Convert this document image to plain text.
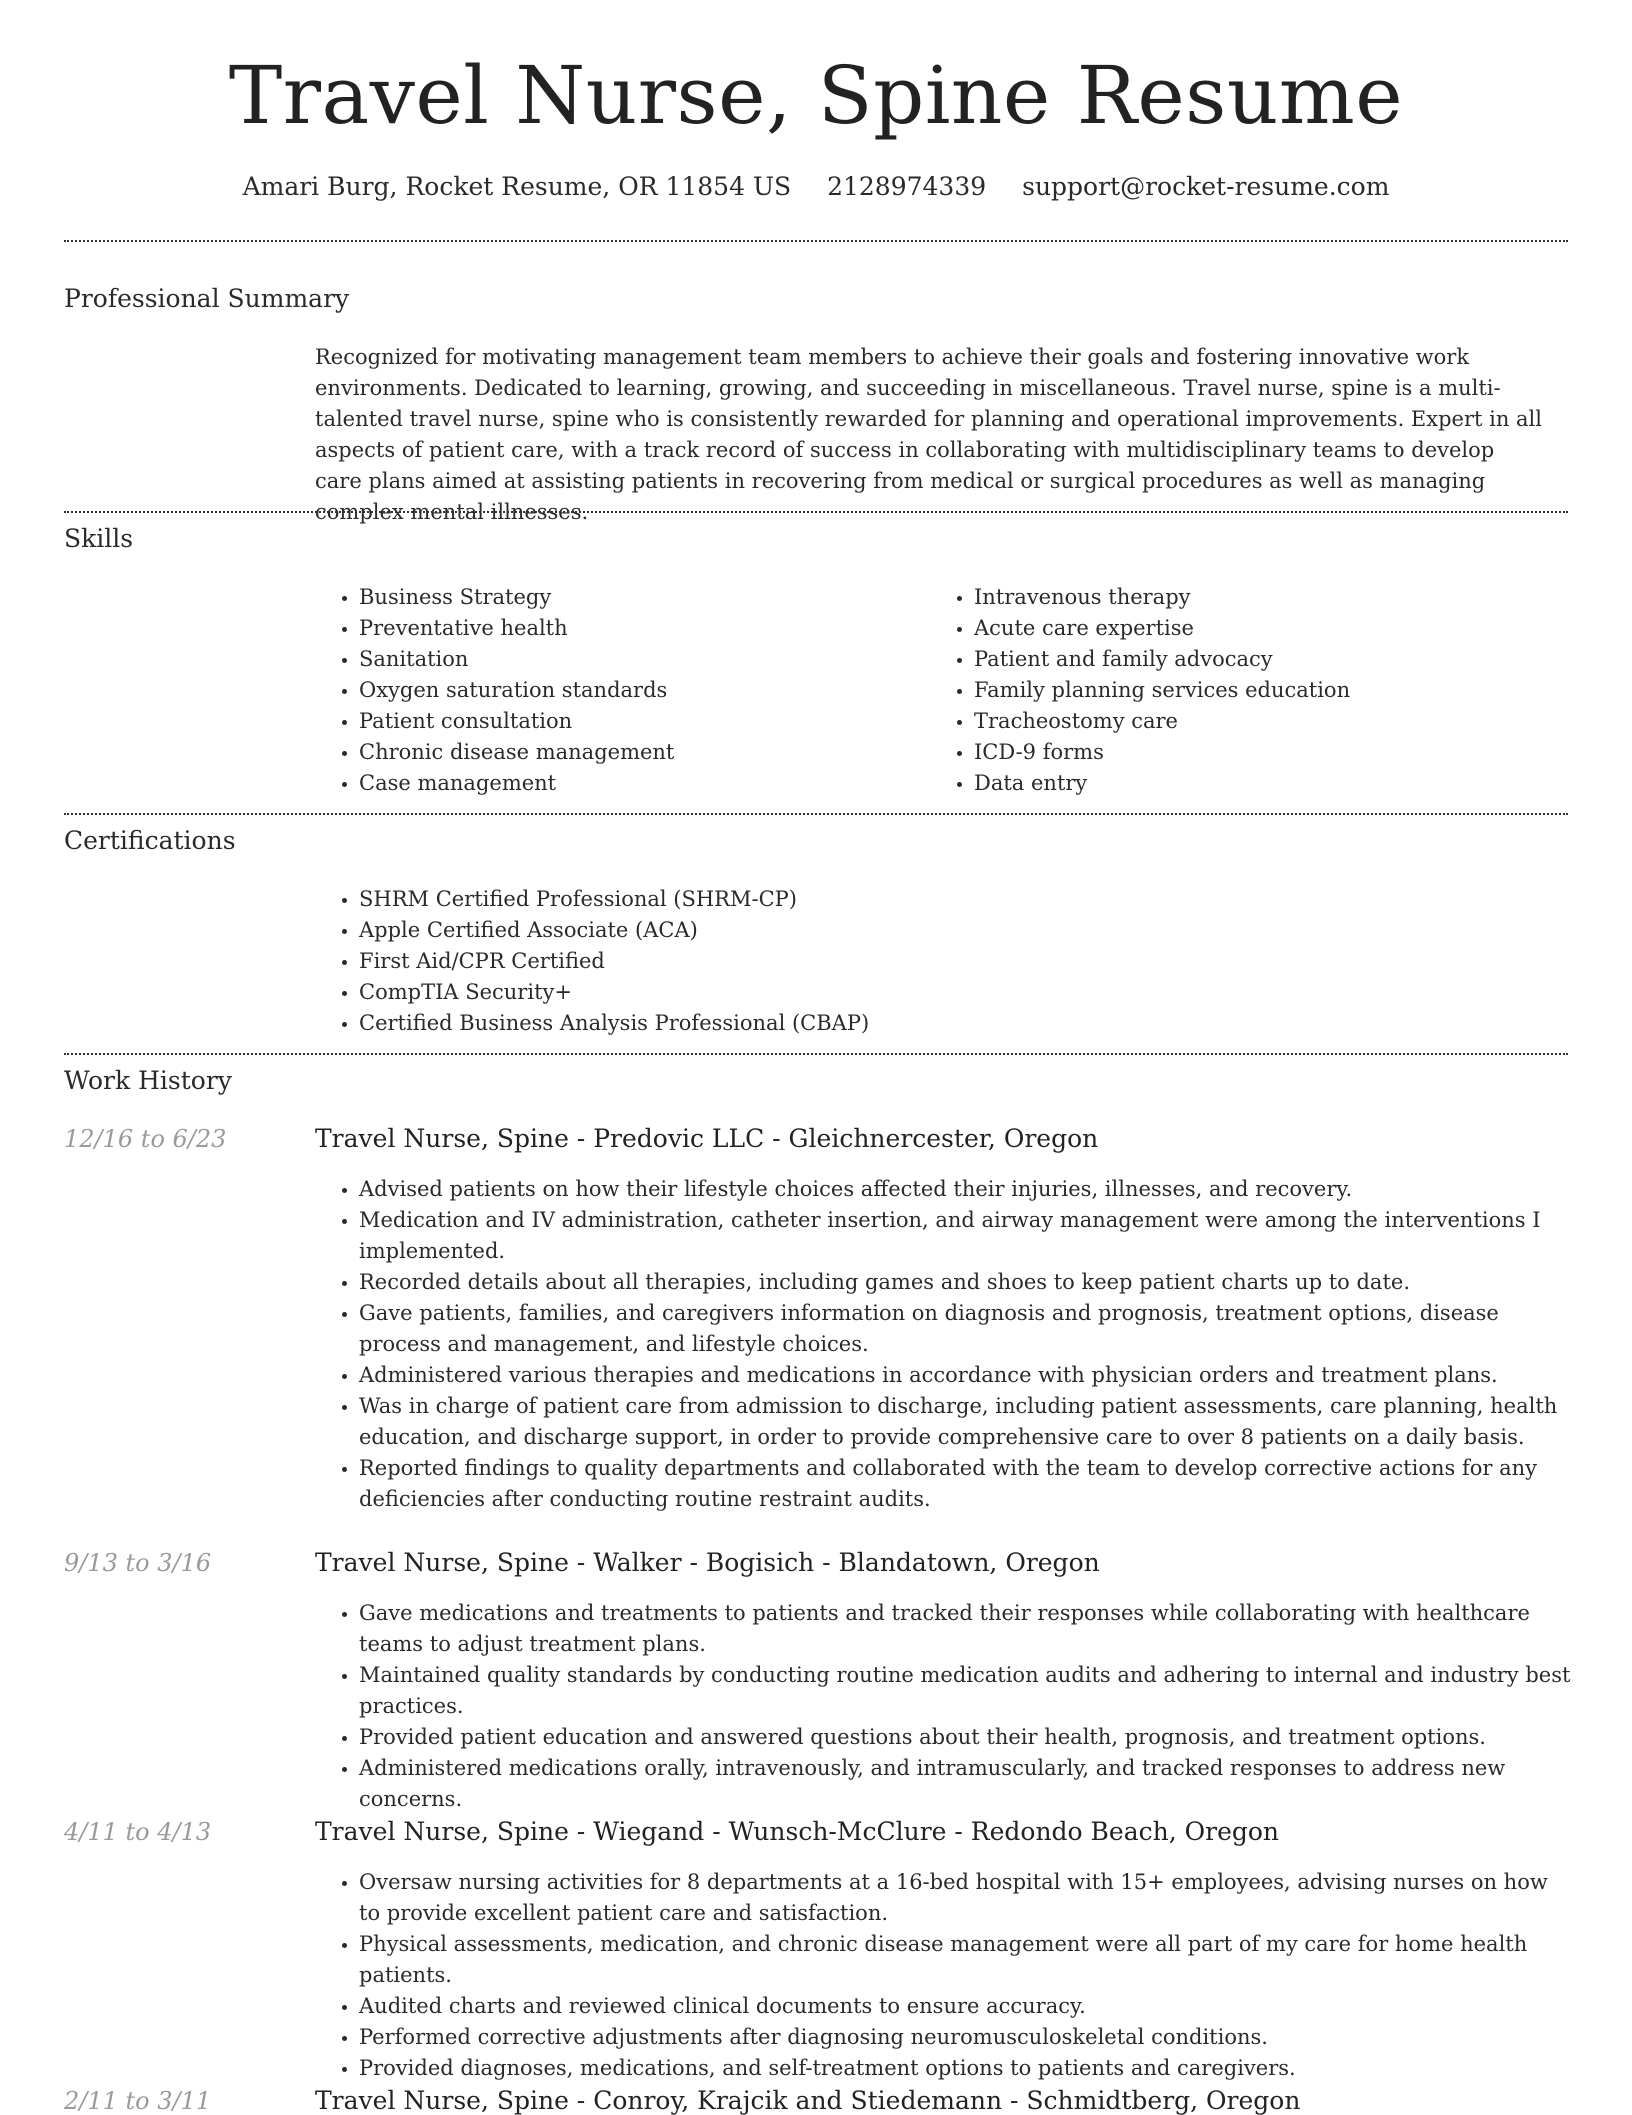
Travel Nurse, Spine Resume
Amari Burg, Rocket Resume, OR 11854 US 2128974339 support@rocket-resume.com
Professional Summary

Recognized for motivating management team members to achieve their goals and fostering innovative work environments. Dedicated to learning, growing, and succeeding in miscellaneous. Travel nurse, spine is a multi-talented travel nurse, spine who is consistently rewarded for planning and operational improvements. Expert in all aspects of patient care, with a track record of success in collaborating with multidisciplinary teams to develop care plans aimed at assisting patients in recovering from medical or surgical procedures as well as managing complex mental illnesses.

Skills
• Business Strategy
• Preventative health
• Sanitation
• Oxygen saturation standards
• Patient consultation
• Chronic disease management
• Case management
• Intravenous therapy
• Acute care expertise
• Patient and family advocacy
• Family planning services education
• Tracheostomy care
• ICD-9 forms
• Data entry
Certifications
• SHRM Certified Professional (SHRM-CP)
• Apple Certified Associate (ACA)
• First Aid/CPR Certified
• CompTIA Security+
• Certified Business Analysis Professional (CBAP)
Work History
12/16 to 6/23	Travel Nurse, Spine - Predovic LLC - Gleichnercester, Oregon
• Advised patients on how their lifestyle choices affected their injuries, illnesses, and recovery.
• Medication and IV administration, catheter insertion, and airway management were among the interventions I implemented.
• Recorded details about all therapies, including games and shoes to keep patient charts up to date.
• Gave patients, families, and caregivers information on diagnosis and prognosis, treatment options, disease process and management, and lifestyle choices.
• Administered various therapies and medications in accordance with physician orders and treatment plans.
• Was in charge of patient care from admission to discharge, including patient assessments, care planning, health education, and discharge support, in order to provide comprehensive care to over 8 patients on a daily basis.
• Reported findings to quality departments and collaborated with the team to develop corrective actions for any deficiencies after conducting routine restraint audits.
9/13 to 3/16	Travel Nurse, Spine - Walker - Bogisich - Blandatown, Oregon
• Gave medications and treatments to patients and tracked their responses while collaborating with healthcare teams to adjust treatment plans.
• Maintained quality standards by conducting routine medication audits and adhering to internal and industry best practices.
• Provided patient education and answered questions about their health, prognosis, and treatment options.
• Administered medications orally, intravenously, and intramuscularly, and tracked responses to address new concerns.
4/11 to 4/13	Travel Nurse, Spine - Wiegand - Wunsch-McClure - Redondo Beach, Oregon
• Oversaw nursing activities for 8 departments at a 16-bed hospital with 15+ employees, advising nurses on how to provide excellent patient care and satisfaction.
• Physical assessments, medication, and chronic disease management were all part of my care for home health patients.
• Audited charts and reviewed clinical documents to ensure accuracy.
• Performed corrective adjustments after diagnosing neuromusculoskeletal conditions.
• Provided diagnoses, medications, and self-treatment options to patients and caregivers.
2/11 to 3/11	Travel Nurse, Spine - Conroy, Krajcik and Stiedemann - Schmidtberg, Oregon
